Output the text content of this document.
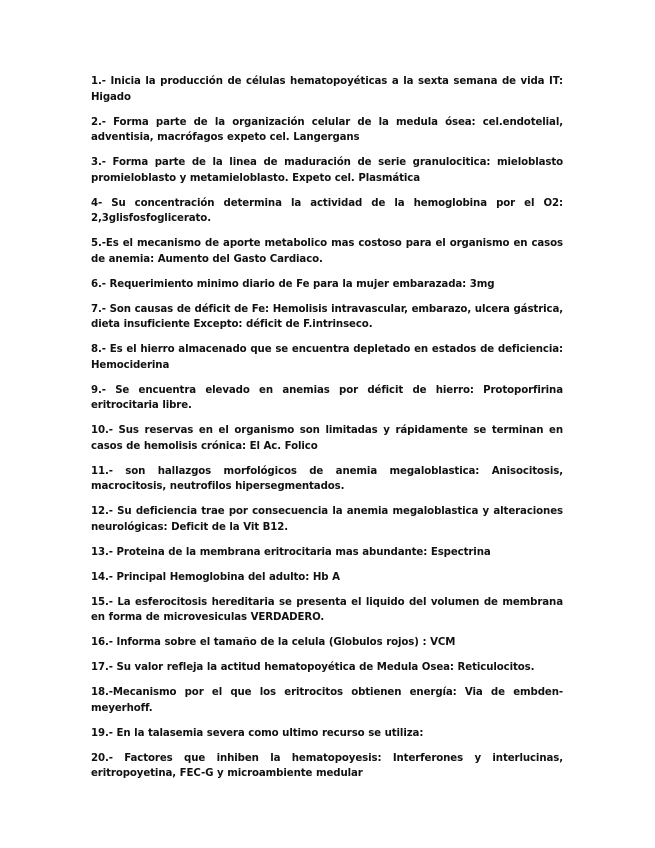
1.- Inicia la producción de células hematopoyéticas a la sexta semana de vida IT: Higado

2.- Forma parte de la organización celular de la medula ósea: cel.endotelial, adventisia, macrófagos expeto cel. Langergans

3.- Forma parte de la linea de maduración de serie granulocitica: mieloblasto promieloblasto y metamieloblasto. Expeto cel. Plasmática

4- Su concentración determina la actividad de la hemoglobina por el O2: 2,3glisfosfoglicerato.

5.-Es el mecanismo de aporte metabolico mas costoso para el organismo en casos de anemia: Aumento del Gasto Cardiaco.

6.- Requerimiento minimo diario de Fe para la mujer embarazada: 3mg

7.- Son causas de déficit de Fe: Hemolisis intravascular, embarazo, ulcera gástrica, dieta insuficiente Excepto: déficit de F.intrinseco.

8.- Es el hierro almacenado que se encuentra depletado en estados de deficiencia: Hemociderina

9.- Se encuentra elevado en anemias por déficit de hierro: Protoporfirina eritrocitaria libre.

10.- Sus reservas en el organismo son limitadas y rápidamente se terminan en casos de hemolisis crónica: El Ac. Folico

11.- son hallazgos morfológicos de anemia megaloblastica: Anisocitosis, macrocitosis, neutrofilos hipersegmentados.

12.- Su deficiencia trae por consecuencia la anemia megaloblastica y alteraciones neurológicas: Deficit de la Vit B12.

13.- Proteina de la membrana eritrocitaria mas abundante: Espectrina

14.- Principal Hemoglobina del adulto: Hb A

15.- La esferocitosis hereditaria se presenta el liquido del volumen de membrana en forma de microvesiculas VERDADERO.

16.- Informa sobre el tamaño de la celula (Globulos rojos) : VCM

17.- Su valor refleja la actitud hematopoyética de Medula Osea: Reticulocitos.

18.-Mecanismo por el que los eritrocitos obtienen energía: Via de embden-meyerhoff.

19.- En la talasemia severa como ultimo recurso se utiliza:

20.- Factores que inhiben la hematopoyesis: Interferones y interlucinas, eritropoyetina, FEC-G y microambiente medular
